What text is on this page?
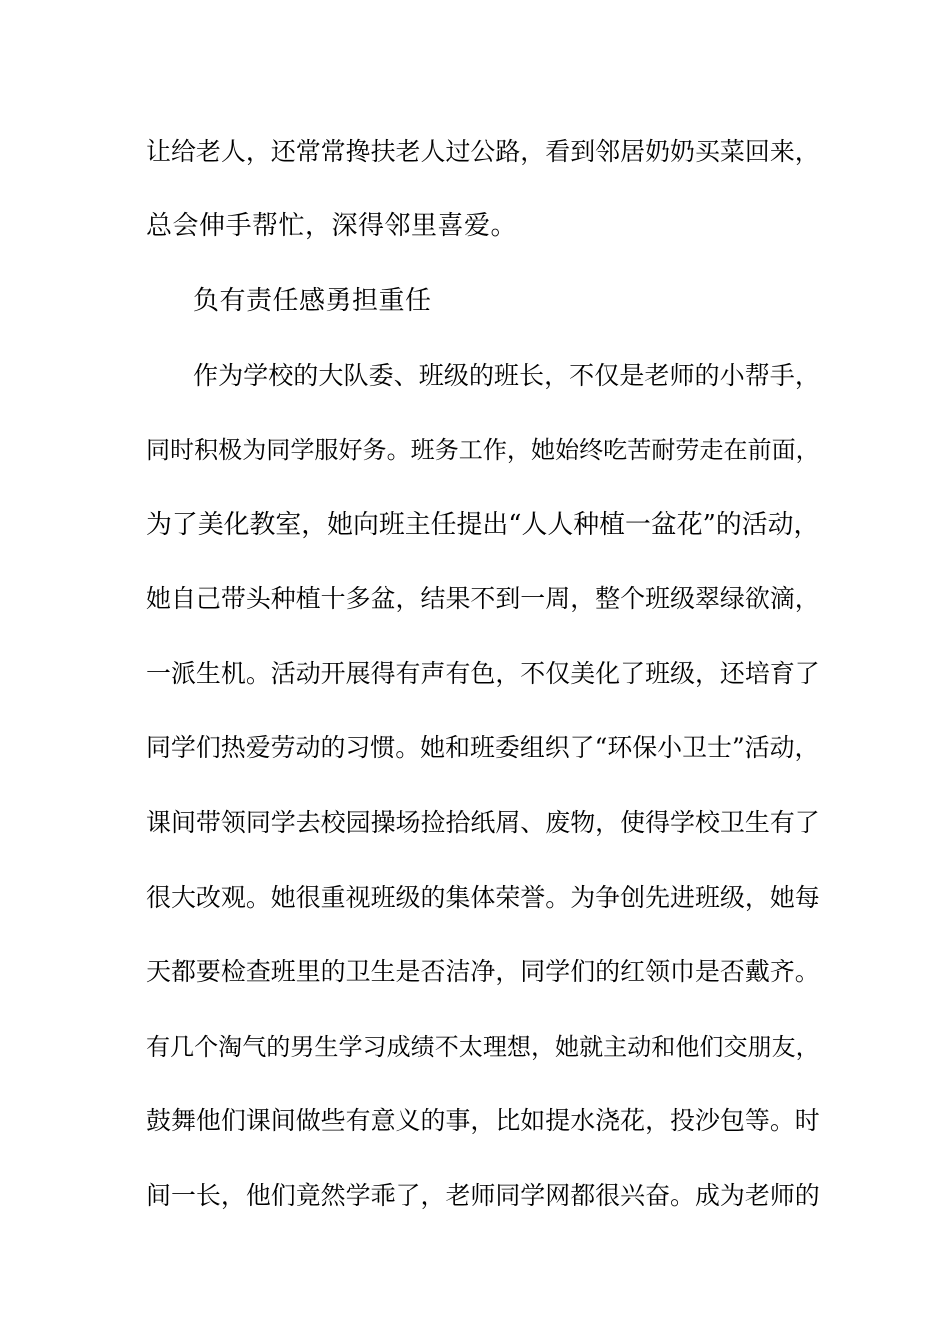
让给老人，还常常搀扶老人过公路，看到邻居奶奶买菜回来，
总会伸手帮忙，深得邻里喜爱。
负有责任感勇担重任
作为学校的大队委、班级的班长，不仅是老师的小帮手，
同时积极为同学服好务。班务工作，她始终吃苦耐劳走在前面，
为了美化教室，她向班主任提出“人人种植一盆花”的活动，
她自己带头种植十多盆，结果不到一周，整个班级翠绿欲滴，
一派生机。活动开展得有声有色，不仅美化了班级，还培育了
同学们热爱劳动的习惯。她和班委组织了“环保小卫士”活动，
课间带领同学去校园操场捡拾纸屑、废物，使得学校卫生有了
很大改观。她很重视班级的集体荣誉。为争创先进班级，她每
天都要检查班里的卫生是否洁净，同学们的红领巾是否戴齐。
有几个淘气的男生学习成绩不太理想，她就主动和他们交朋友，
鼓舞他们课间做些有意义的事，比如提水浇花，投沙包等。时
间一长，他们竟然学乖了，老师同学网都很兴奋。成为老师的
